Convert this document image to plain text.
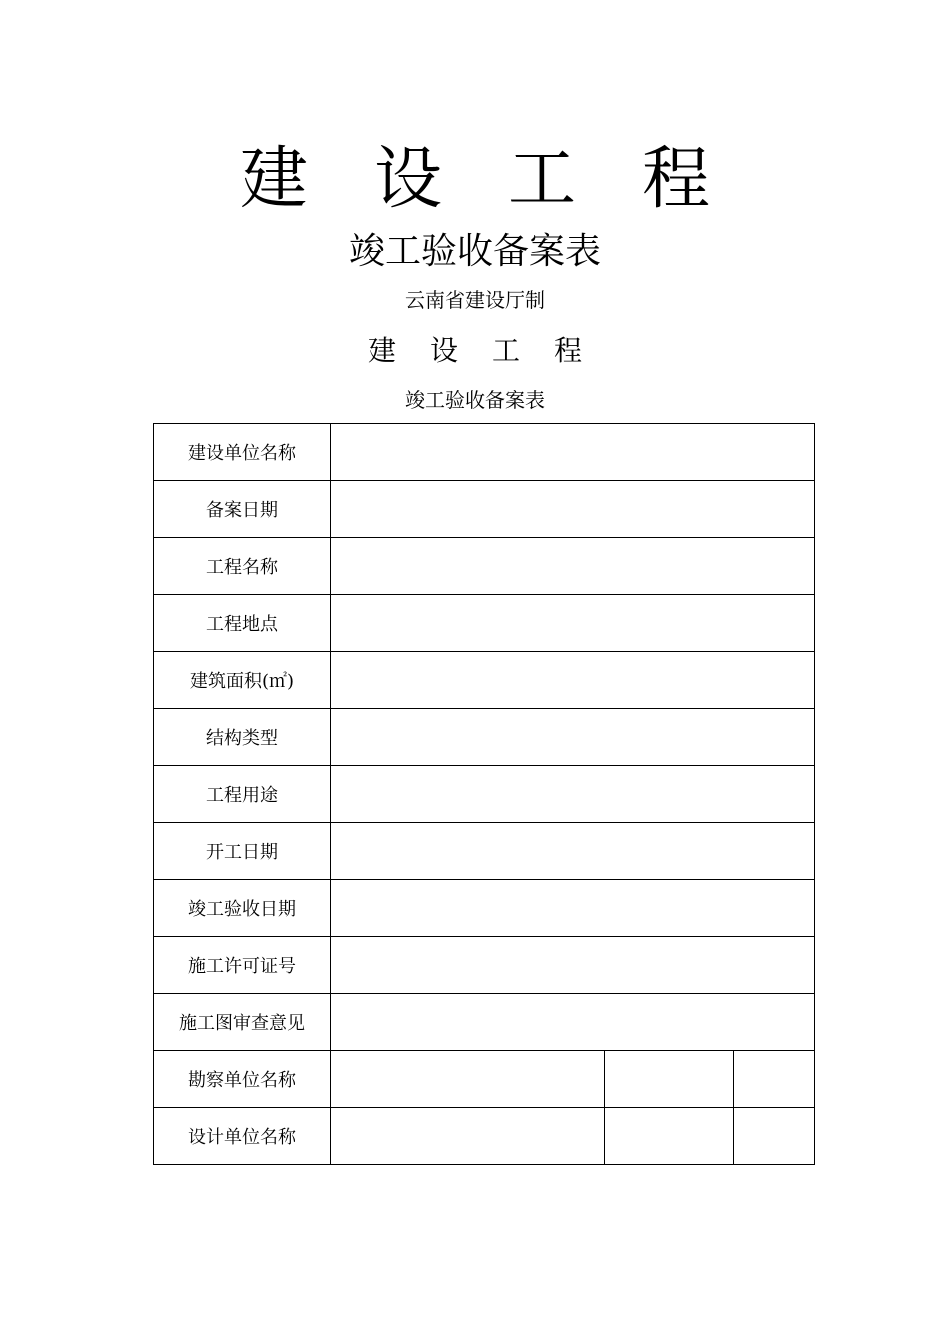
建 设 工 程
竣工验收备案表
云南省建设厅制
建 设 工 程
竣工验收备案表
建设单位名称			
备案日期			
工程名称			
工程地点			
建筑面积(㎡)			
结构类型			
工程用途			
开工日期			
竣工验收日期			
施工许可证号			
施工图审查意见			
勘察单位名称			
设计单位名称			
